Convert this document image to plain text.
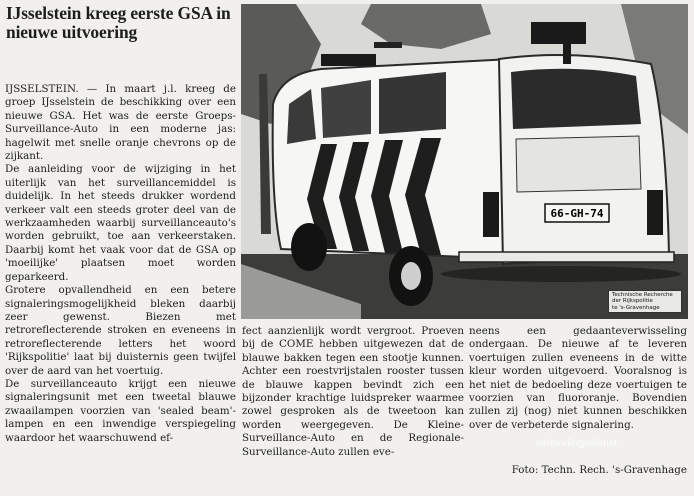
IJsselstein kreeg eerste GSA in nieuwe uitvoering

IJSSELSTEIN. — In maart j.l. kreeg de groep IJsselstein de beschikking over een nieuwe GSA. Het was de eerste Groeps-Surveillance-Auto in een moderne jas: hagelwit met snelle oranje chevrons op de zijkant.

De aanleiding voor de wijziging in het uiterlijk van het surveillancemiddel is duidelijk. In het steeds drukker wordend verkeer valt een steeds groter deel van de werkzaamheden waarbij surveillanceauto's worden gebruikt, toe aan verkeerstaken. Daarbij komt het vaak voor dat de GSA op 'moeilijke' plaatsen moet worden geparkeerd.

Grotere opvallendheid en een betere signaleringsmogelijkheid bleken daarbij zeer gewenst. Biezen met retroreflecterende stroken en eveneens in retroreflecterende letters het woord 'Rijkspolitie' laat bij duisternis geen twijfel over de aard van het voertuig.

De surveillanceauto krijgt een nieuwe signaleringsunit met een tweetal blauwe zwaailampen voorzien van 'sealed beam'-lampen en een inwendige verspiegeling waardoor het waarschuwend ef-

66-GH-74
Technische Recherche
der Rijkspolitie
te 's-Gravenhage

fect aanzienlijk wordt vergroot. Proeven bij de COME hebben uitgewezen dat de blauwe bakken tegen een stootje kunnen. Achter een roestvrijstalen rooster tussen de blauwe kappen bevindt zich een bijzonder krachtige luidspreker waarmee zowel gesproken als de tweetoon kan worden weergegeven. De Kleine-Surveillance-Auto en de Regionale-Surveillance-Auto zullen eve-

neens een gedaanteverwisseling ondergaan. De nieuwe af te leveren voertuigen zullen eveneens in de witte kleur worden uitgevoerd. Vooralsnog is het niet de bedoeling deze voertuigen te voorzien van fluororanje. Bovendien zullen zij (nog) niet kunnen beschikken over de verbeterde signalering.

Foto: Techn. Rech. 's-Gravenhage
verbindingsdienst
